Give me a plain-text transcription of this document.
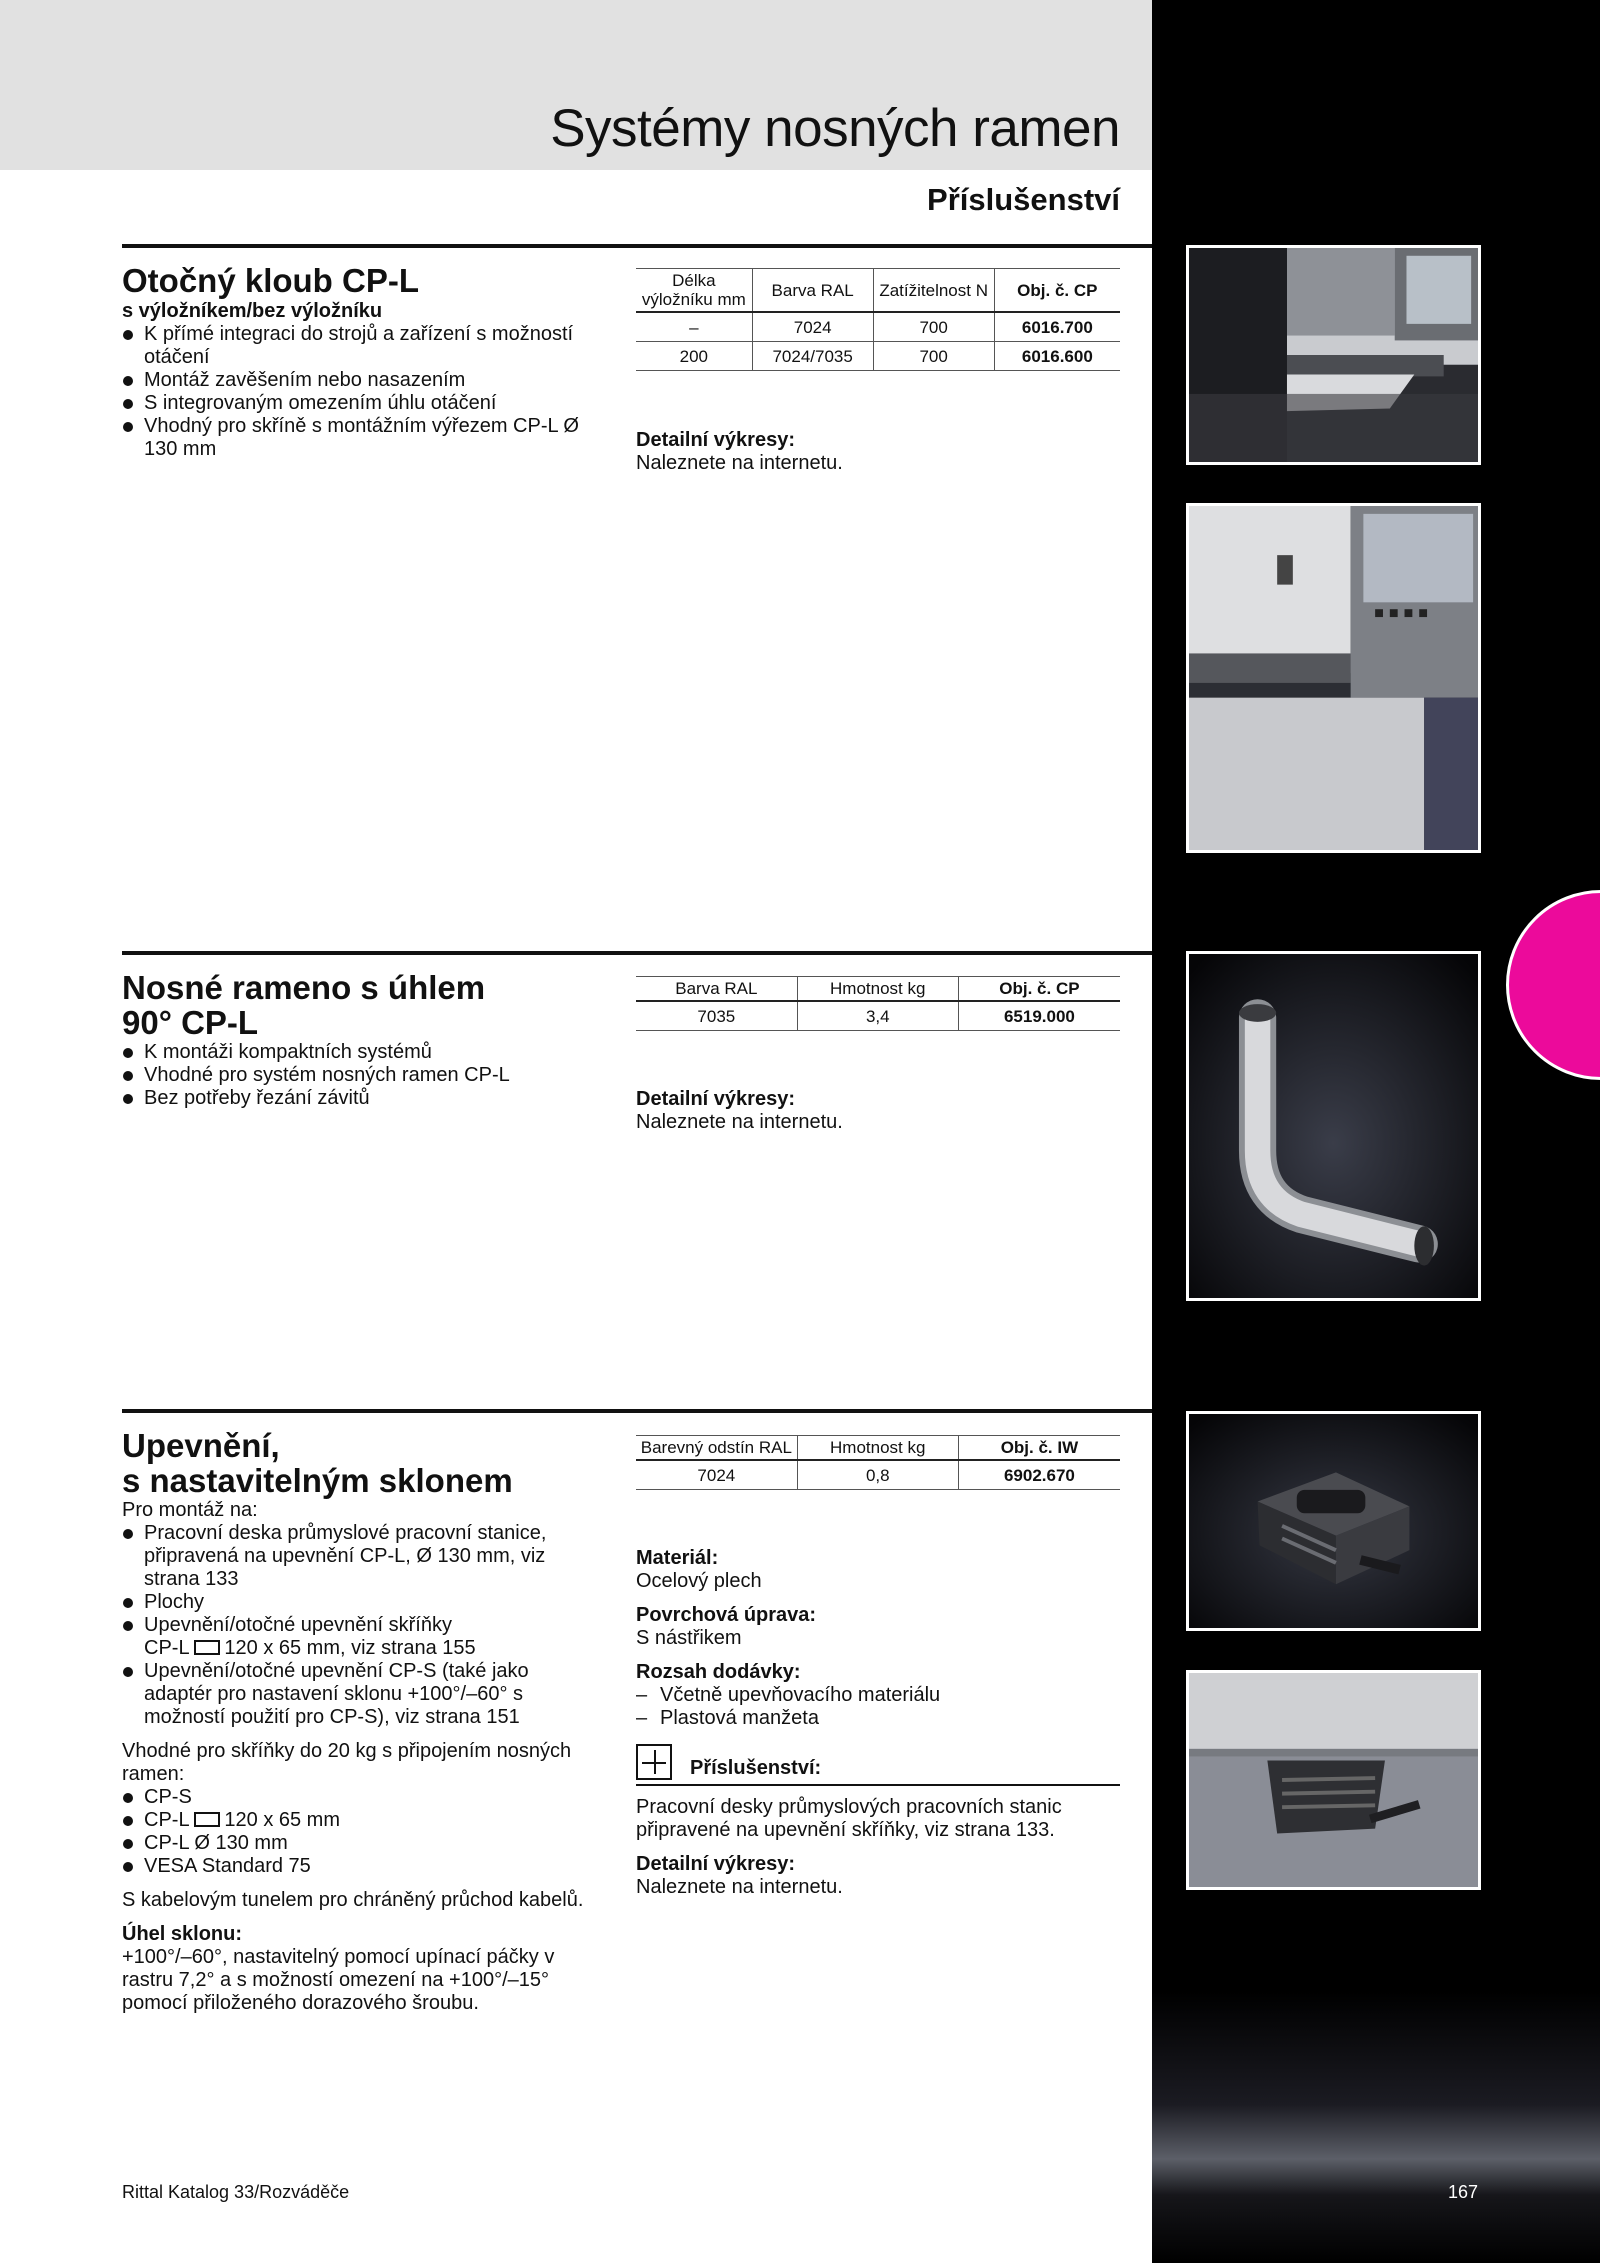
Systémy nosných ramen
Příslušenství
Otočný kloub CP-L

s výložníkem/bez výložníku

K přímé integraci do strojů a zařízení s možností otáčení
Montáž zavěšením nebo nasazením
S integrovaným omezením úhlu otáčení
Vhodný pro skříně s montážním výřezem CP-L Ø 130 mm
Délka výložníku mm	Barva RAL	Zatížitelnost N	Obj. č. CP
–	7024	700	6016.700
200	7024/7035	700	6016.600

Detailní výkresy:

Naleznete na internetu.

Nosné rameno s úhlem
90° CP-L
K montáži kompaktních systémů
Vhodné pro systém nosných ramen CP-L
Bez potřeby řezání závitů
Barva RAL	Hmotnost kg	Obj. č. CP
7035	3,4	6519.000

Detailní výkresy:

Naleznete na internetu.

Upevnění,
s nastavitelným sklonem

Pro montáž na:

Pracovní deska průmyslové pracovní stanice, připravená na upevnění CP-L, Ø 130 mm, viz strana 133
Plochy
Upevnění/otočné upevnění skříňky
CP-L 120 x 65 mm, viz strana 155
Upevnění/otočné upevnění CP-S (také jako adaptér pro nastavení sklonu +100°/–60° s možností použití pro CP-S), viz strana 151

Vhodné pro skříňky do 20 kg s připojením nosných ramen:

CP-S
CP-L 120 x 65 mm
CP-L Ø 130 mm
VESA Standard 75

S kabelovým tunelem pro chráněný průchod kabelů.

Úhel sklonu:

+100°/–60°, nastavitelný pomocí upínací páčky v rastru 7,2° a s možností omezení na +100°/–15° pomocí přiloženého dorazového šroubu.

Barevný odstín RAL	Hmotnost kg	Obj. č. IW
7024	0,8	6902.670

Materiál:

Ocelový plech

Povrchová úprava:

S nástřikem

Rozsah dodávky:

– Včetně upevňovacího materiálu
– Plastová manžeta
Příslušenství:

Pracovní desky průmyslových pracovních stanic připravené na upevnění skříňky, viz strana 133.

Detailní výkresy:

Naleznete na internetu.

Rittal Katalog 33/Rozváděče	167
